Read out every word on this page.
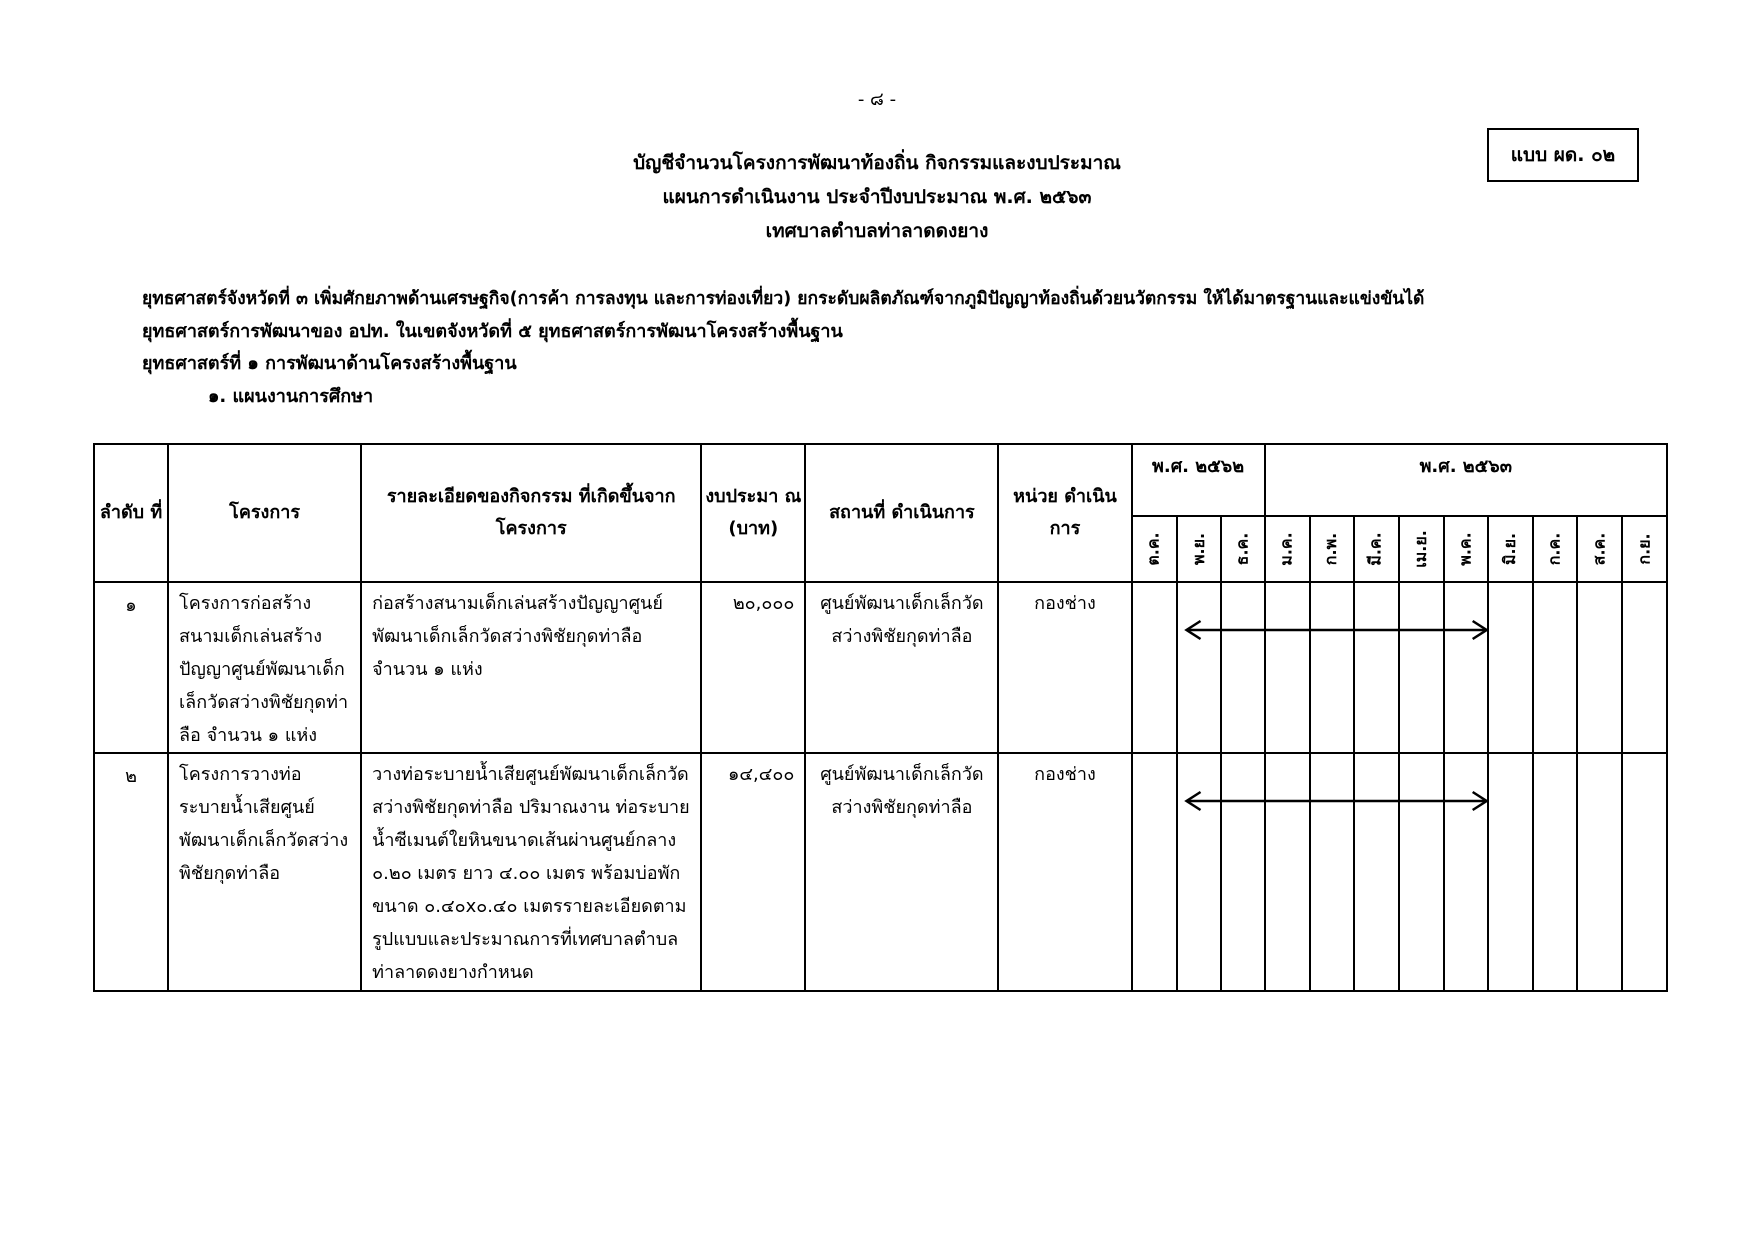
- ๘ -
แบบ ผด. ๐๒
บัญชีจำนวนโครงการพัฒนาท้องถิ่น กิจกรรมและงบประมาณ
แผนการดำเนินงาน ประจำปีงบประมาณ พ.ศ. ๒๕๖๓
เทศบาลตำบลท่าลาดดงยาง
ยุทธศาสตร์จังหวัดที่ ๓ เพิ่มศักยภาพด้านเศรษฐกิจ(การค้า การลงทุน และการท่องเที่ยว) ยกระดับผลิตภัณฑ์จากภูมิปัญญาท้องถิ่นด้วยนวัตกรรม ให้ได้มาตรฐานและแข่งขันได้
ยุทธศาสตร์การพัฒนาของ อปท. ในเขตจังหวัดที่ ๕ ยุทธศาสตร์การพัฒนาโครงสร้างพื้นฐาน
ยุทธศาสตร์ที่ ๑ การพัฒนาด้านโครงสร้างพื้นฐาน
๑. แผนงานการศึกษา
ลำดับ ที่	โครงการ	รายละเอียดของกิจกรรม ที่เกิดขึ้นจากโครงการ	งบประมา ณ (บาท)	สถานที่ ดำเนินการ	หน่วย ดำเนินการ	พ.ศ. ๒๕๖๒			พ.ศ. ๒๕๖๓								
						ต.ค.	พ.ย.	ธ.ค.	ม.ค.	ก.พ.	มี.ค.	เม.ย.	พ.ค.	มิ.ย.	ก.ค.	ส.ค.	ก.ย.
๑	โครงการก่อสร้างสนามเด็กเล่นสร้างปัญญาศูนย์พัฒนาเด็กเล็กวัดสว่างพิชัยกุดท่าลือ จำนวน ๑ แห่ง	ก่อสร้างสนามเด็กเล่นสร้างปัญญาศูนย์พัฒนาเด็กเล็กวัดสว่างพิชัยกุดท่าลือ จำนวน ๑ แห่ง	๒๐,๐๐๐	ศูนย์พัฒนาเด็กเล็กวัดสว่างพิชัยกุดท่าลือ	กองช่าง												
๒	โครงการวางท่อระบายน้ำเสียศูนย์พัฒนาเด็กเล็กวัดสว่างพิชัยกุดท่าลือ	วางท่อระบายน้ำเสียศูนย์พัฒนาเด็กเล็กวัดสว่างพิชัยกุดท่าลือ ปริมาณงาน ท่อระบายน้ำซีเมนต์ใยหินขนาดเส้นผ่านศูนย์กลาง ๐.๒๐ เมตร ยาว ๔.๐๐ เมตร พร้อมบ่อพักขนาด ๐.๔๐x๐.๔๐ เมตรรายละเอียดตามรูปแบบและประมาณการที่เทศบาลตำบลท่าลาดดงยางกำหนด	๑๔,๔๐๐	ศูนย์พัฒนาเด็กเล็กวัดสว่างพิชัยกุดท่าลือ	กองช่าง												
